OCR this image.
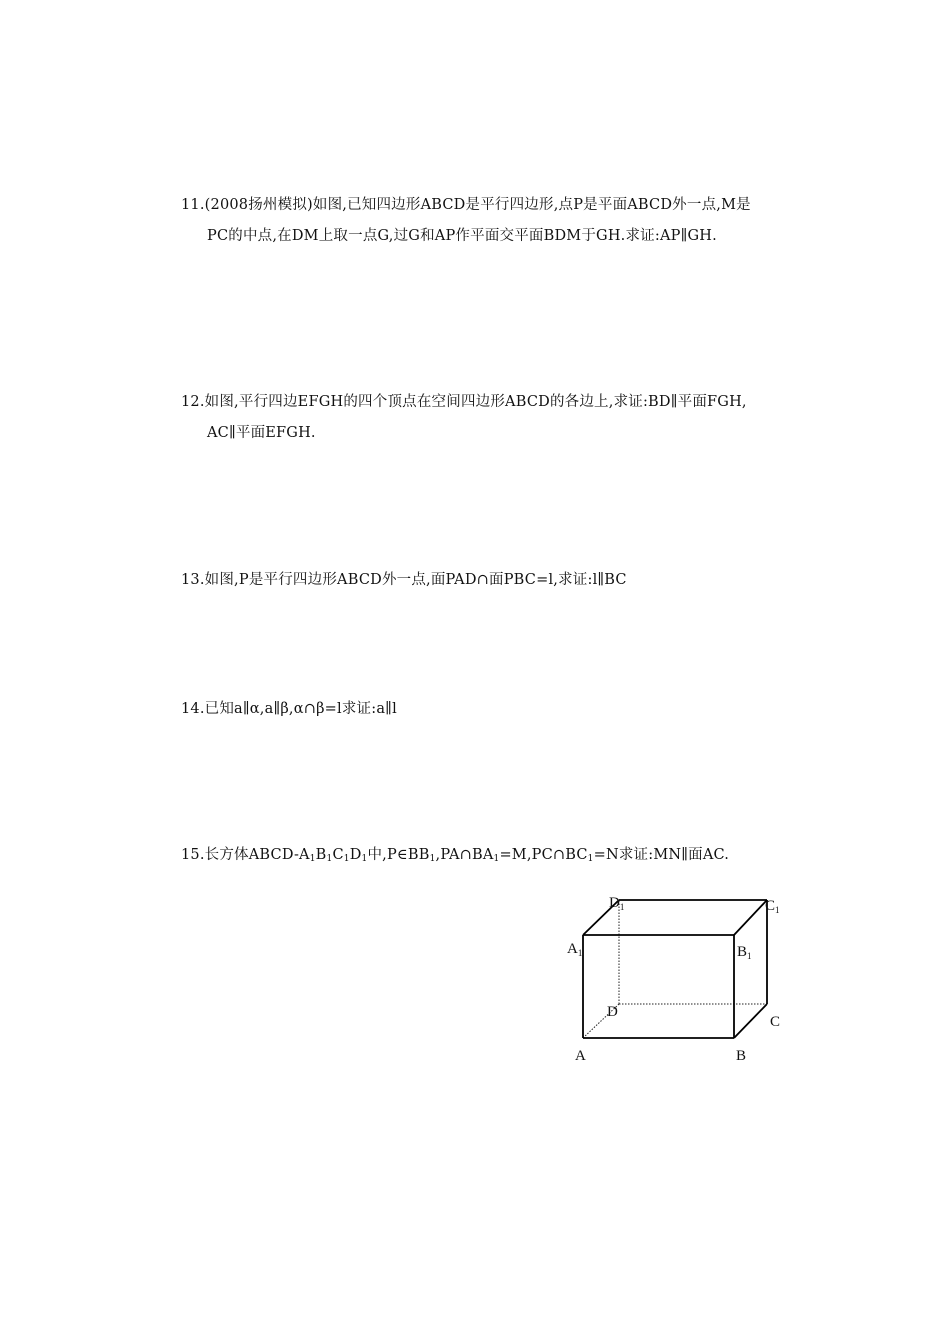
11.(2008扬州模拟)如图,已知四边形ABCD是平行四边形,点P是平面ABCD外一点,M是
PC的中点,在DM上取一点G,过G和AP作平面交平面BDM于GH.求证:AP∥GH.
12.如图,平行四边EFGH的四个顶点在空间四边形ABCD的各边上,求证:BD∥平面FGH,
AC∥平面EFGH.
13.如图,P是平行四边形ABCD外一点,面PAD∩面PBC=l,求证:l∥BC
14.已知a∥α,a∥β,α∩β=l求证:a∥l
15.长方体ABCD-$A_1B_1C_1D_1$中$,P\in BB_1,PA\cap BA_1=M,PC\cap BC_1=N$求证:MN∥面AC.
$D_1$	$C_1$
$A_1$	$B_1$
D
C
A	B
